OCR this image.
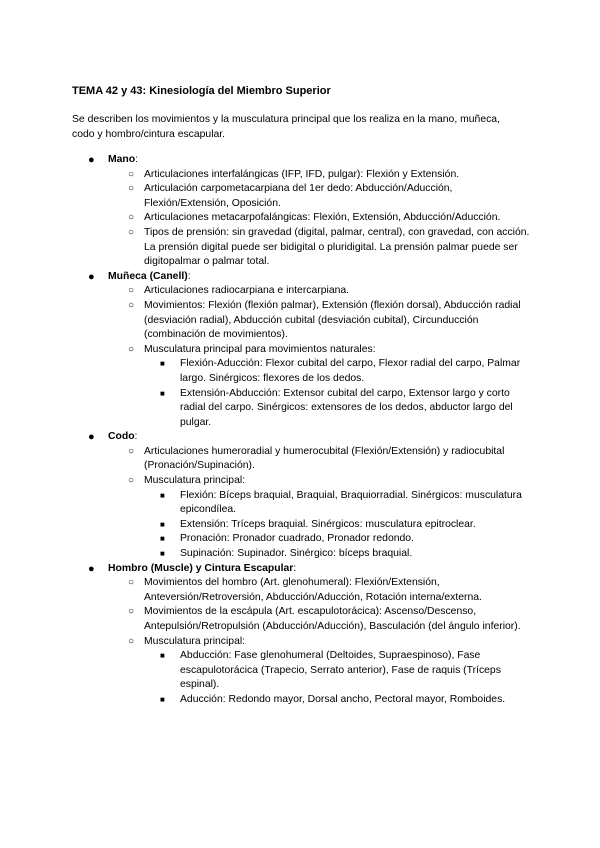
TEMA 42 y 43: Kinesiología del Miembro Superior
Se describen los movimientos y la musculatura principal que los realiza en la mano, muñeca, codo y hombro/cintura escapular.
● Mano:
○ Articulaciones interfalángicas (IFP, IFD, pulgar): Flexión y Extensión.
○ Articulación carpometacarpiana del 1er dedo: Abducción/Aducción, Flexión/Extensión, Oposición.
○ Articulaciones metacarpofalángicas: Flexión, Extensión, Abducción/Aducción.
○ Tipos de prensión: sin gravedad (digital, palmar, central), con gravedad, con acción. La prensión digital puede ser bidigital o pluridigital. La prensión palmar puede ser digitopalmar o palmar total.
● Muñeca (Canell):
○ Articulaciones radiocarpiana e intercarpiana.
○ Movimientos: Flexión (flexión palmar), Extensión (flexión dorsal), Abducción radial (desviación radial), Abducción cubital (desviación cubital), Circunducción (combinación de movimientos).
○ Musculatura principal para movimientos naturales:
■ Flexión-Aducción: Flexor cubital del carpo, Flexor radial del carpo, Palmar largo. Sinérgicos: flexores de los dedos.
■ Extensión-Abducción: Extensor cubital del carpo, Extensor largo y corto radial del carpo. Sinérgicos: extensores de los dedos, abductor largo del pulgar.
● Codo:
○ Articulaciones humeroradial y humerocubital (Flexión/Extensión) y radiocubital (Pronación/Supinación).
○ Musculatura principal:
■ Flexión: Bíceps braquial, Braquial, Braquiorradial. Sinérgicos: musculatura epicondílea.
■ Extensión: Tríceps braquial. Sinérgicos: musculatura epitroclear.
■ Pronación: Pronador cuadrado, Pronador redondo.
■ Supinación: Supinador. Sinérgico: bíceps braquial.
● Hombro (Muscle) y Cintura Escapular:
○ Movimientos del hombro (Art. glenohumeral): Flexión/Extensión, Anteversión/Retroversión, Abducción/Aducción, Rotación interna/externa.
○ Movimientos de la escápula (Art. escapulotorácica): Ascenso/Descenso, Antepulsión/Retropulsión (Abducción/Aducción), Basculación (del ángulo inferior).
○ Musculatura principal:
■ Abducción: Fase glenohumeral (Deltoides, Supraespinoso), Fase escapulotorácica (Trapecio, Serrato anterior), Fase de raquis (Tríceps espinal).
■ Aducción: Redondo mayor, Dorsal ancho, Pectoral mayor, Romboides.
